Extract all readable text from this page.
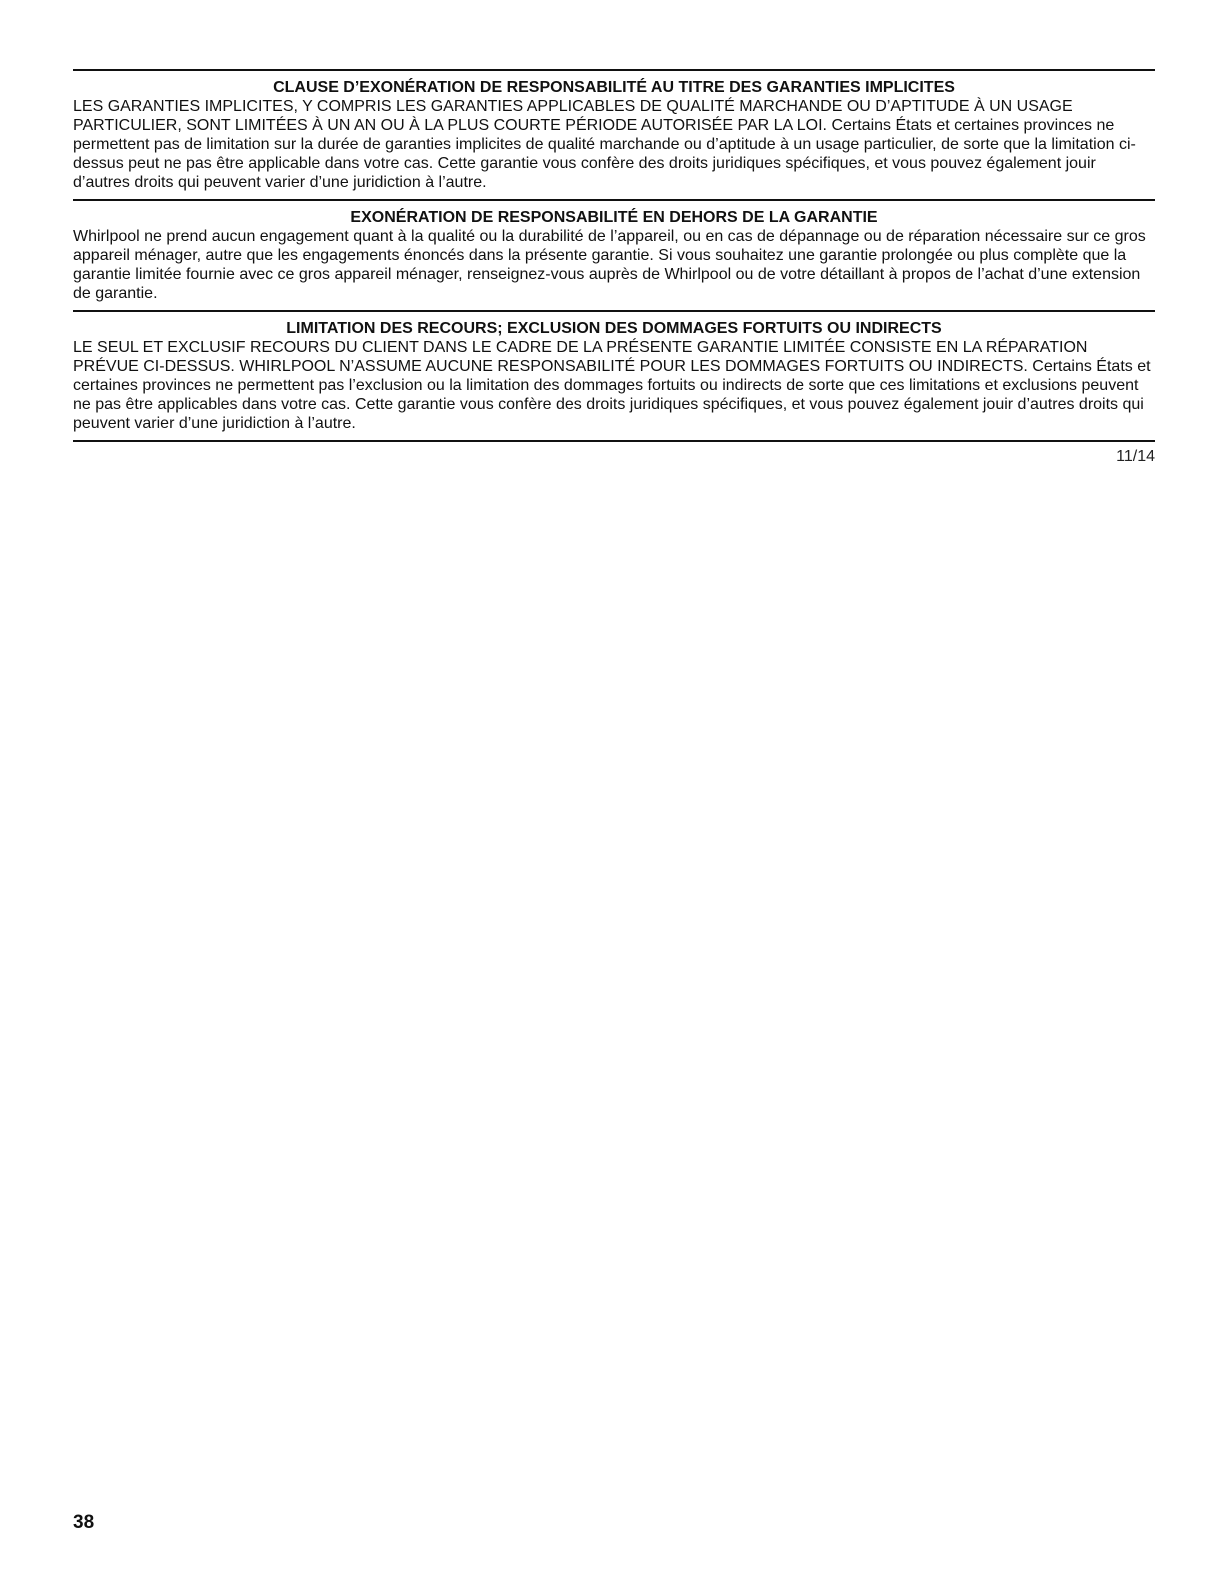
CLAUSE D’EXONÉRATION DE RESPONSABILITÉ AU TITRE DES GARANTIES IMPLICITES

LES GARANTIES IMPLICITES, Y COMPRIS LES GARANTIES APPLICABLES DE QUALITÉ MARCHANDE OU D’APTITUDE À UN USAGE PARTICULIER, SONT LIMITÉES À UN AN OU À LA PLUS COURTE PÉRIODE AUTORISÉE PAR LA LOI. Certains États et certaines provinces ne permettent pas de limitation sur la durée de garanties implicites de qualité marchande ou d’aptitude à un usage particulier, de sorte que la limitation ci-dessus peut ne pas être applicable dans votre cas. Cette garantie vous confère des droits juridiques spécifiques, et vous pouvez également jouir d’autres droits qui peuvent varier d’une juridiction à l’autre.

EXONÉRATION DE RESPONSABILITÉ EN DEHORS DE LA GARANTIE

Whirlpool ne prend aucun engagement quant à la qualité ou la durabilité de l’appareil, ou en cas de dépannage ou de réparation nécessaire sur ce gros appareil ménager, autre que les engagements énoncés dans la présente garantie. Si vous souhaitez une garantie prolongée ou plus complète que la garantie limitée fournie avec ce gros appareil ménager, renseignez-vous auprès de Whirlpool ou de votre détaillant à propos de l’achat d’une extension de garantie.

LIMITATION DES RECOURS; EXCLUSION DES DOMMAGES FORTUITS OU INDIRECTS

LE SEUL ET EXCLUSIF RECOURS DU CLIENT DANS LE CADRE DE LA PRÉSENTE GARANTIE LIMITÉE CONSISTE EN LA RÉPARATION PRÉVUE CI-DESSUS. WHIRLPOOL N’ASSUME AUCUNE RESPONSABILITÉ POUR LES DOMMAGES FORTUITS OU INDIRECTS. Certains États et certaines provinces ne permettent pas l’exclusion ou la limitation des dommages fortuits ou indirects de sorte que ces limitations et exclusions peuvent ne pas être applicables dans votre cas. Cette garantie vous confère des droits juridiques spécifiques, et vous pouvez également jouir d’autres droits qui peuvent varier d’une juridiction à l’autre.

11/14
38
